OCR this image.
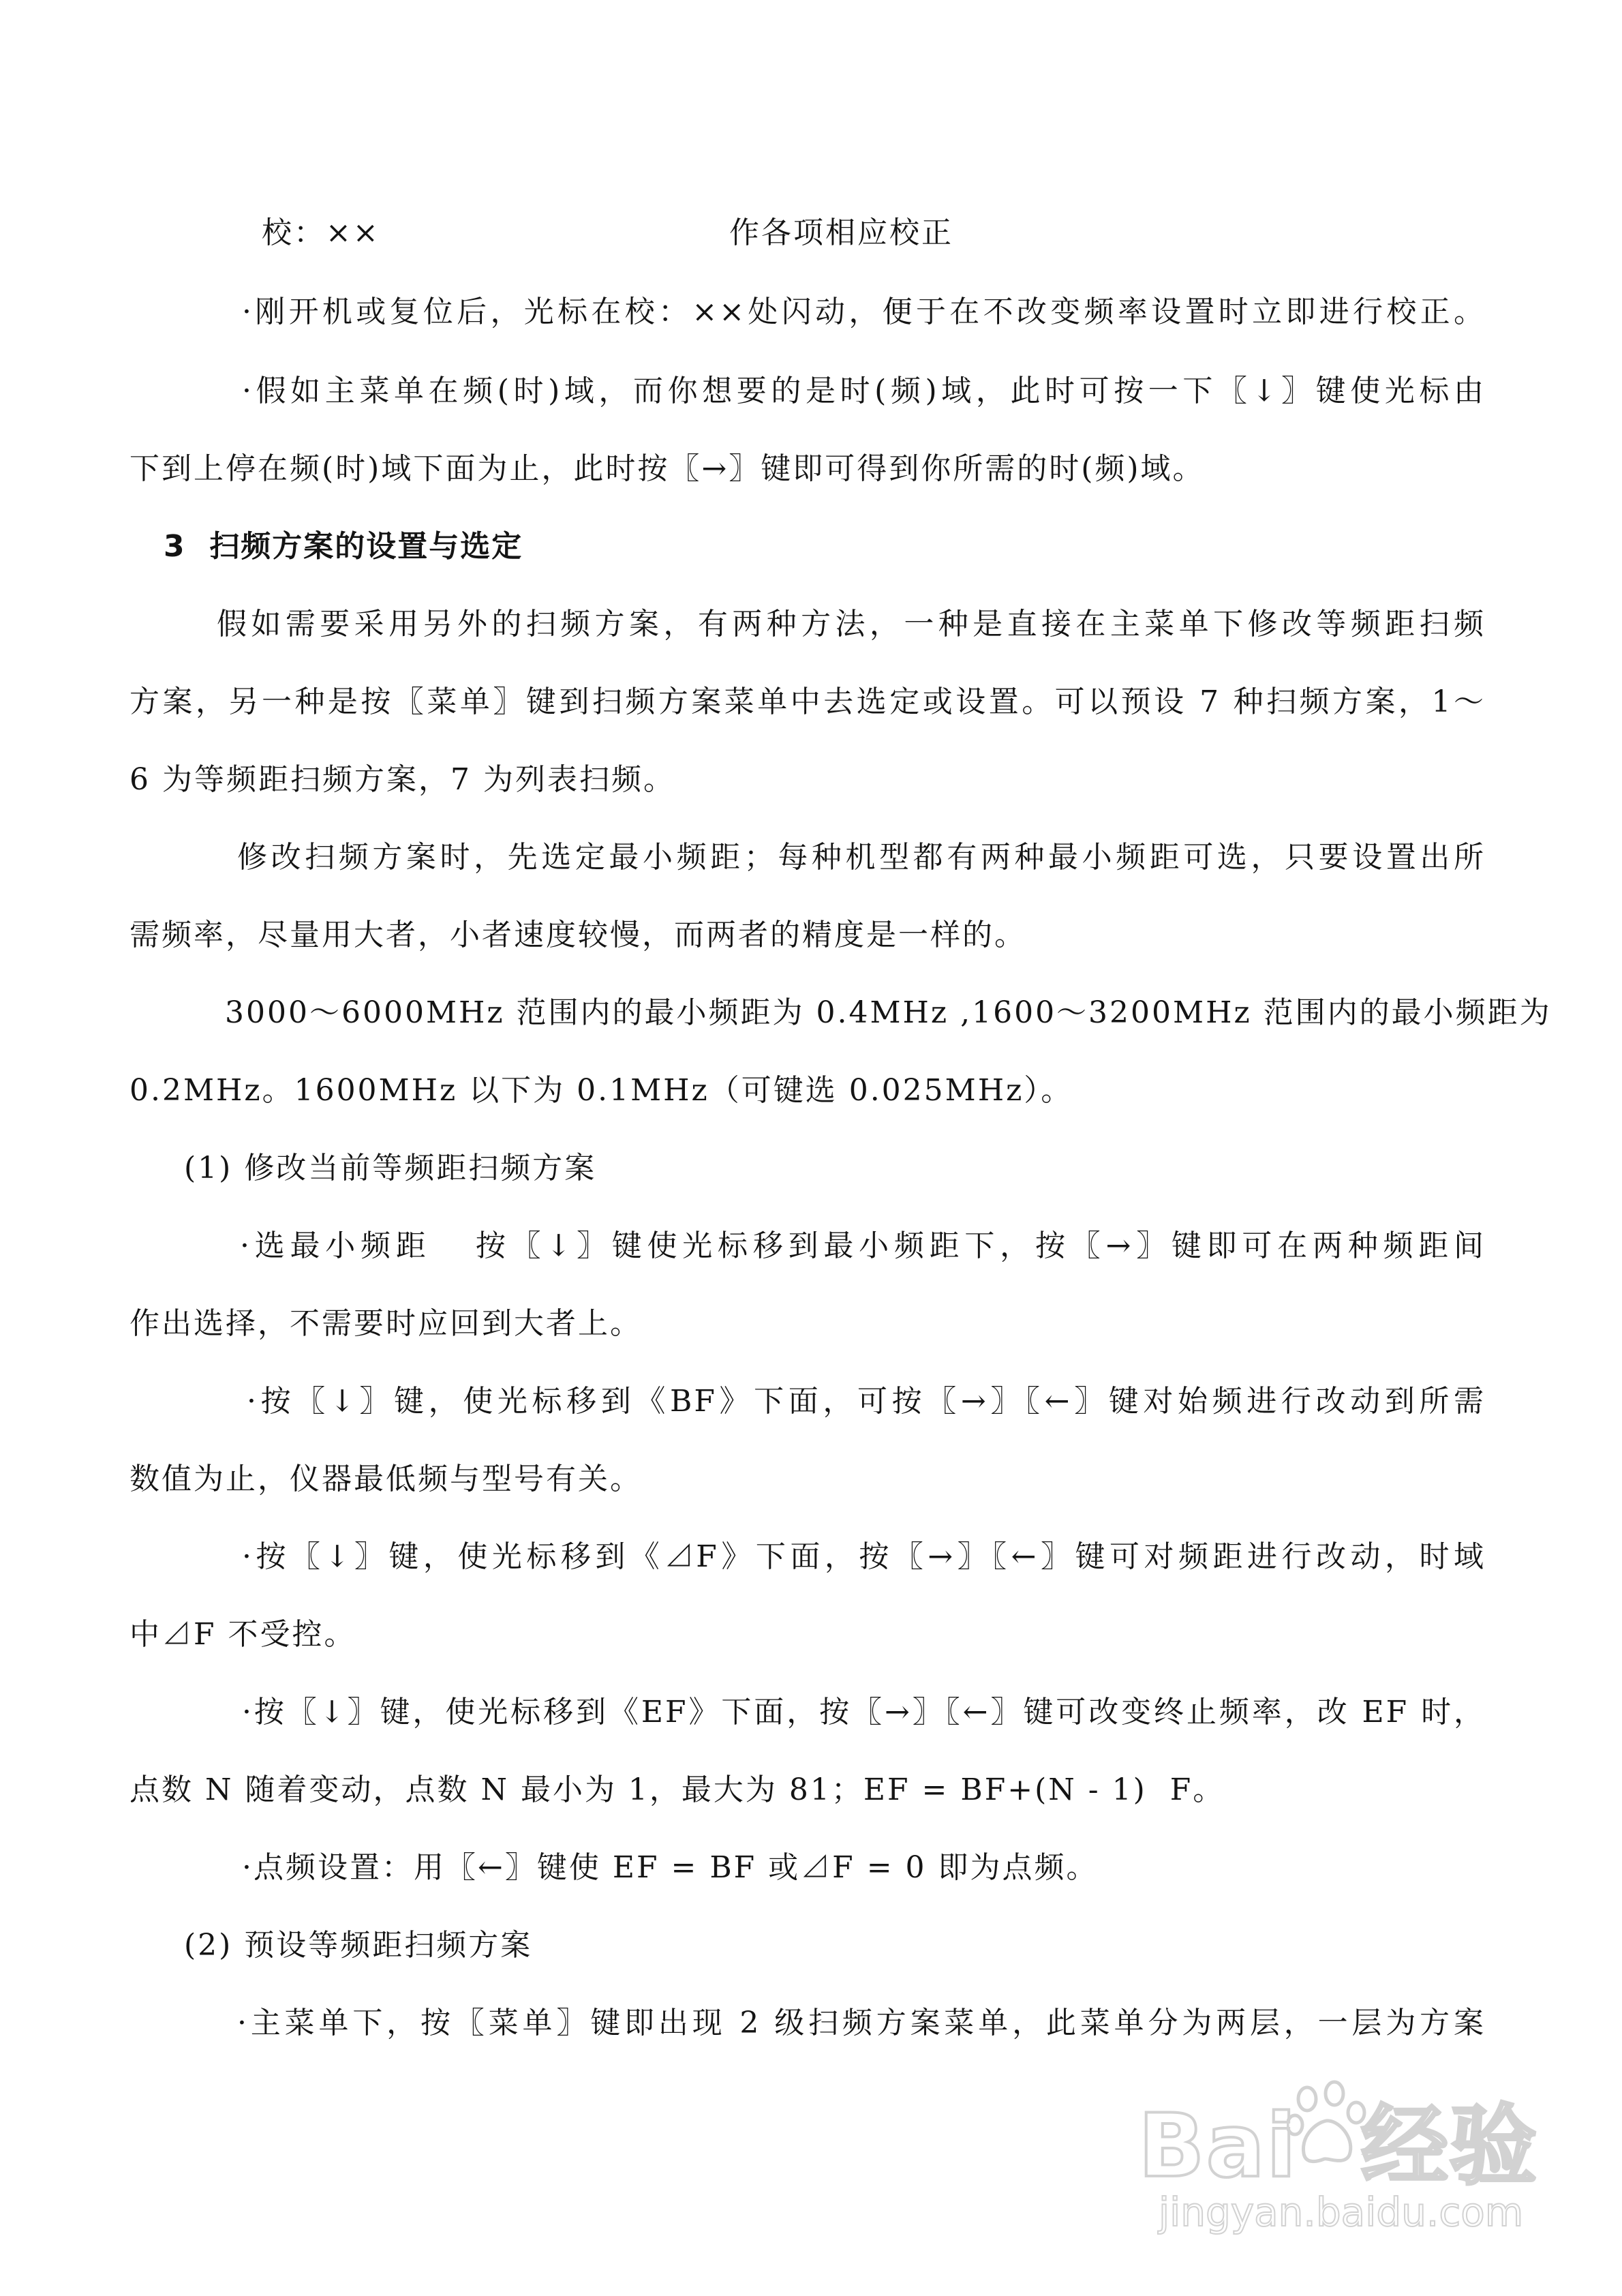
校：××	作各项相应校正
·刚开机或复位后，光标在校：××处闪动，便于在不改变频率设置时立即进行校正。
·假如主菜单在频(时)域，而你想要的是时(频)域，此时可按一下〖↓〗键使光标由
下到上停在频(时)域下面为止，此时按〖→〗键即可得到你所需的时(频)域。
3  扫频方案的设置与选定
假如需要采用另外的扫频方案，有两种方法，一种是直接在主菜单下修改等频距扫频
方案，另一种是按〖菜单〗键到扫频方案菜单中去选定或设置。可以预设 7 种扫频方案，1～
6 为等频距扫频方案，7 为列表扫频。
修改扫频方案时，先选定最小频距；每种机型都有两种最小频距可选，只要设置出所
需频率，尽量用大者，小者速度较慢，而两者的精度是一样的。
3000～6000MHz 范围内的最小频距为 0.4MHz ,1600～3200MHz 范围内的最小频距为
0.2MHz。1600MHz 以下为 0.1MHz（可键选 0.025MHz）。
(1) 修改当前等频距扫频方案
·选最小频距   按〖↓〗键使光标移到最小频距下，按〖→〗键即可在两种频距间
作出选择，不需要时应回到大者上。
·按〖↓〗键，使光标移到《BF》下面，可按〖→〗〖←〗键对始频进行改动到所需
数值为止，仪器最低频与型号有关。
·按〖↓〗键，使光标移到《⊿F》下面，按〖→〗〖←〗键可对频距进行改动，时域
中⊿F 不受控。
·按〖↓〗键，使光标移到《EF》下面，按〖→〗〖←〗键可改变终止频率，改 EF 时，
点数 N 随着变动，点数 N 最小为 1，最大为 81；EF = BF+(N - 1)  F。
·点频设置：用〖←〗键使 EF = BF 或⊿F = 0 即为点频。
(2) 预设等频距扫频方案
·主菜单下，按〖菜单〗键即出现 2 级扫频方案菜单，此菜单分为两层，一层为方案
Bai  经验
jingyan.baidu.com
